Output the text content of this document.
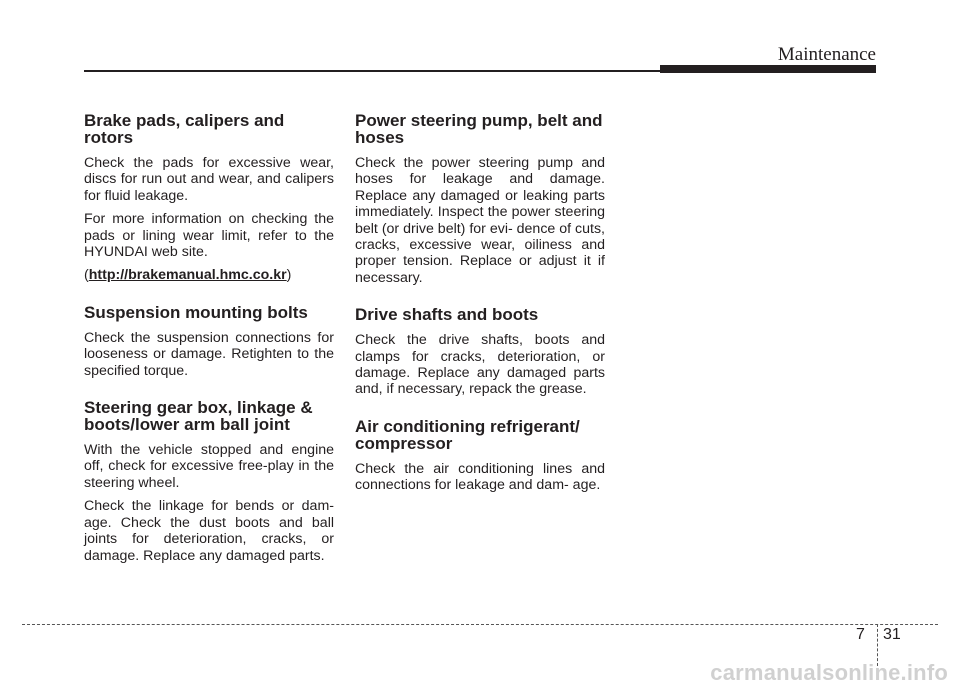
Maintenance
Brake pads, calipers and
rotors

Check the pads for excessive wear, discs for run out and wear, and calipers for fluid leakage.

For more information on checking the pads or lining wear limit, refer to the HYUNDAI web site.

(http://brakemanual.hmc.co.kr)

Suspension mounting bolts

Check the suspension connections for looseness or damage. Retighten to the specified torque.

Steering gear box, linkage &
boots/lower arm ball joint

With the vehicle stopped and engine off, check for excessive free-play in the steering wheel.

Check the linkage for bends or dam- age. Check the dust boots and ball joints for deterioration, cracks, or damage. Replace any damaged parts.

Power steering pump, belt and
hoses

Check the power steering pump and hoses for leakage and damage. Replace any damaged or leaking parts immediately. Inspect the power steering belt (or drive belt) for evi- dence of cuts, cracks, excessive wear, oiliness and proper tension. Replace or adjust it if necessary.

Drive shafts and boots

Check the drive shafts, boots and clamps for cracks, deterioration, or damage. Replace any damaged parts and, if necessary, repack the grease.

Air conditioning refrigerant/
compressor

Check the air conditioning lines and connections for leakage and dam- age.

7 31
carmanualsonline.info
